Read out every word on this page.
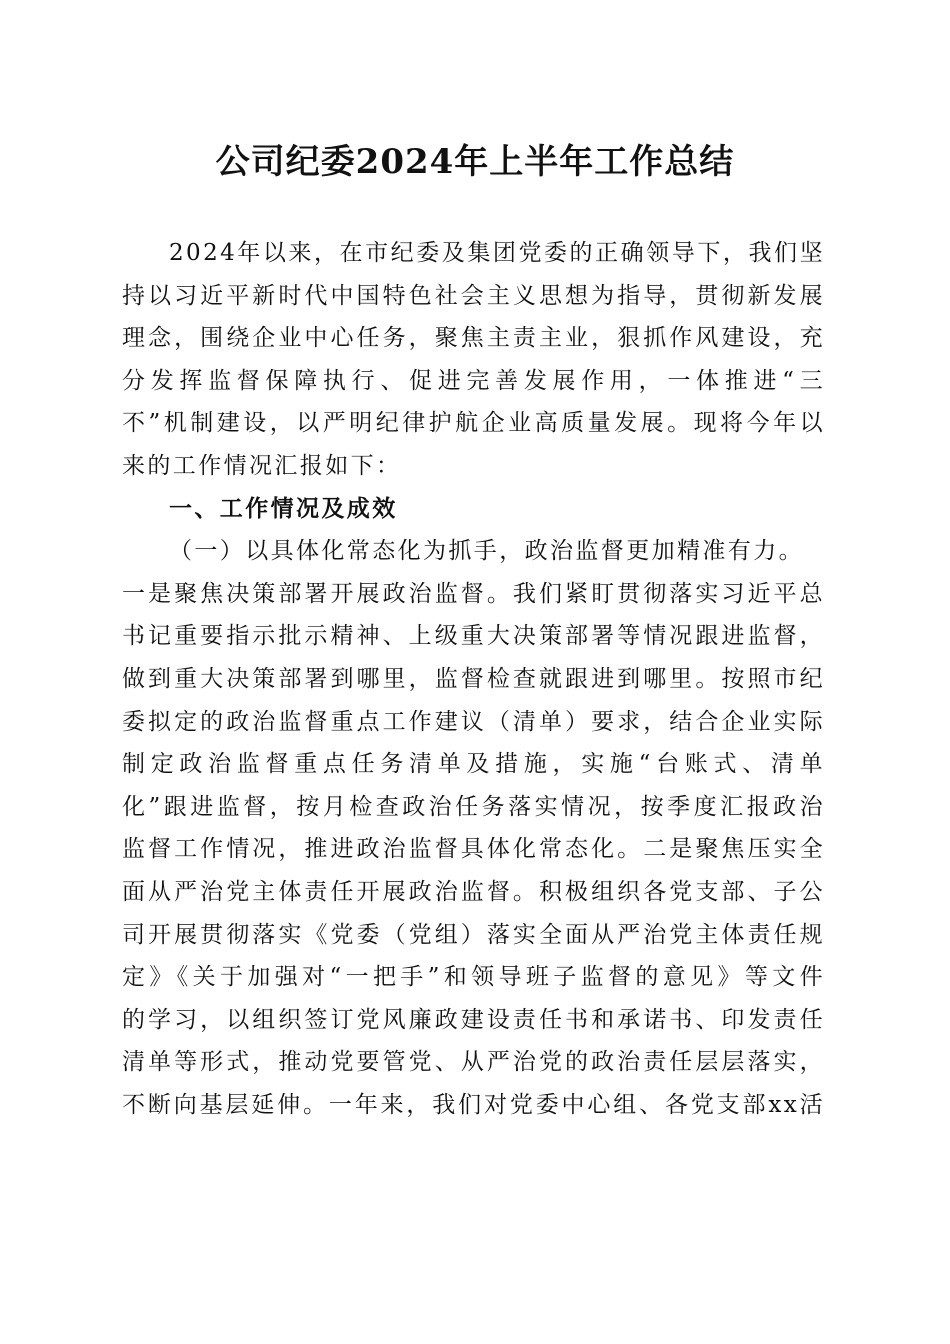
公司纪委2024年上半年工作总结
2024年以来，在市纪委及集团党委的正确领导下，我们坚
持以习近平新时代中国特色社会主义思想为指导，贯彻新发展
理念，围绕企业中心任务，聚焦主责主业，狠抓作风建设，充
分发挥监督保障执行、促进完善发展作用，一体推进“三
不”机制建设，以严明纪律护航企业高质量发展。现将今年以
来的工作情况汇报如下：
一、工作情况及成效
（一）以具体化常态化为抓手，政治监督更加精准有力。
一是聚焦决策部署开展政治监督。我们紧盯贯彻落实习近平总
书记重要指示批示精神、上级重大决策部署等情况跟进监督，
做到重大决策部署到哪里，监督检查就跟进到哪里。按照市纪
委拟定的政治监督重点工作建议（清单）要求，结合企业实际
制定政治监督重点任务清单及措施，实施“台账式、清单
化”跟进监督，按月检查政治任务落实情况，按季度汇报政治
监督工作情况，推进政治监督具体化常态化。二是聚焦压实全
面从严治党主体责任开展政治监督。积极组织各党支部、子公
司开展贯彻落实《党委（党组）落实全面从严治党主体责任规
定》《关于加强对“一把手”和领导班子监督的意见》等文件
的学习，以组织签订党风廉政建设责任书和承诺书、印发责任
清单等形式，推动党要管党、从严治党的政治责任层层落实，
不断向基层延伸。一年来，我们对党委中心组、各党支部xx活
